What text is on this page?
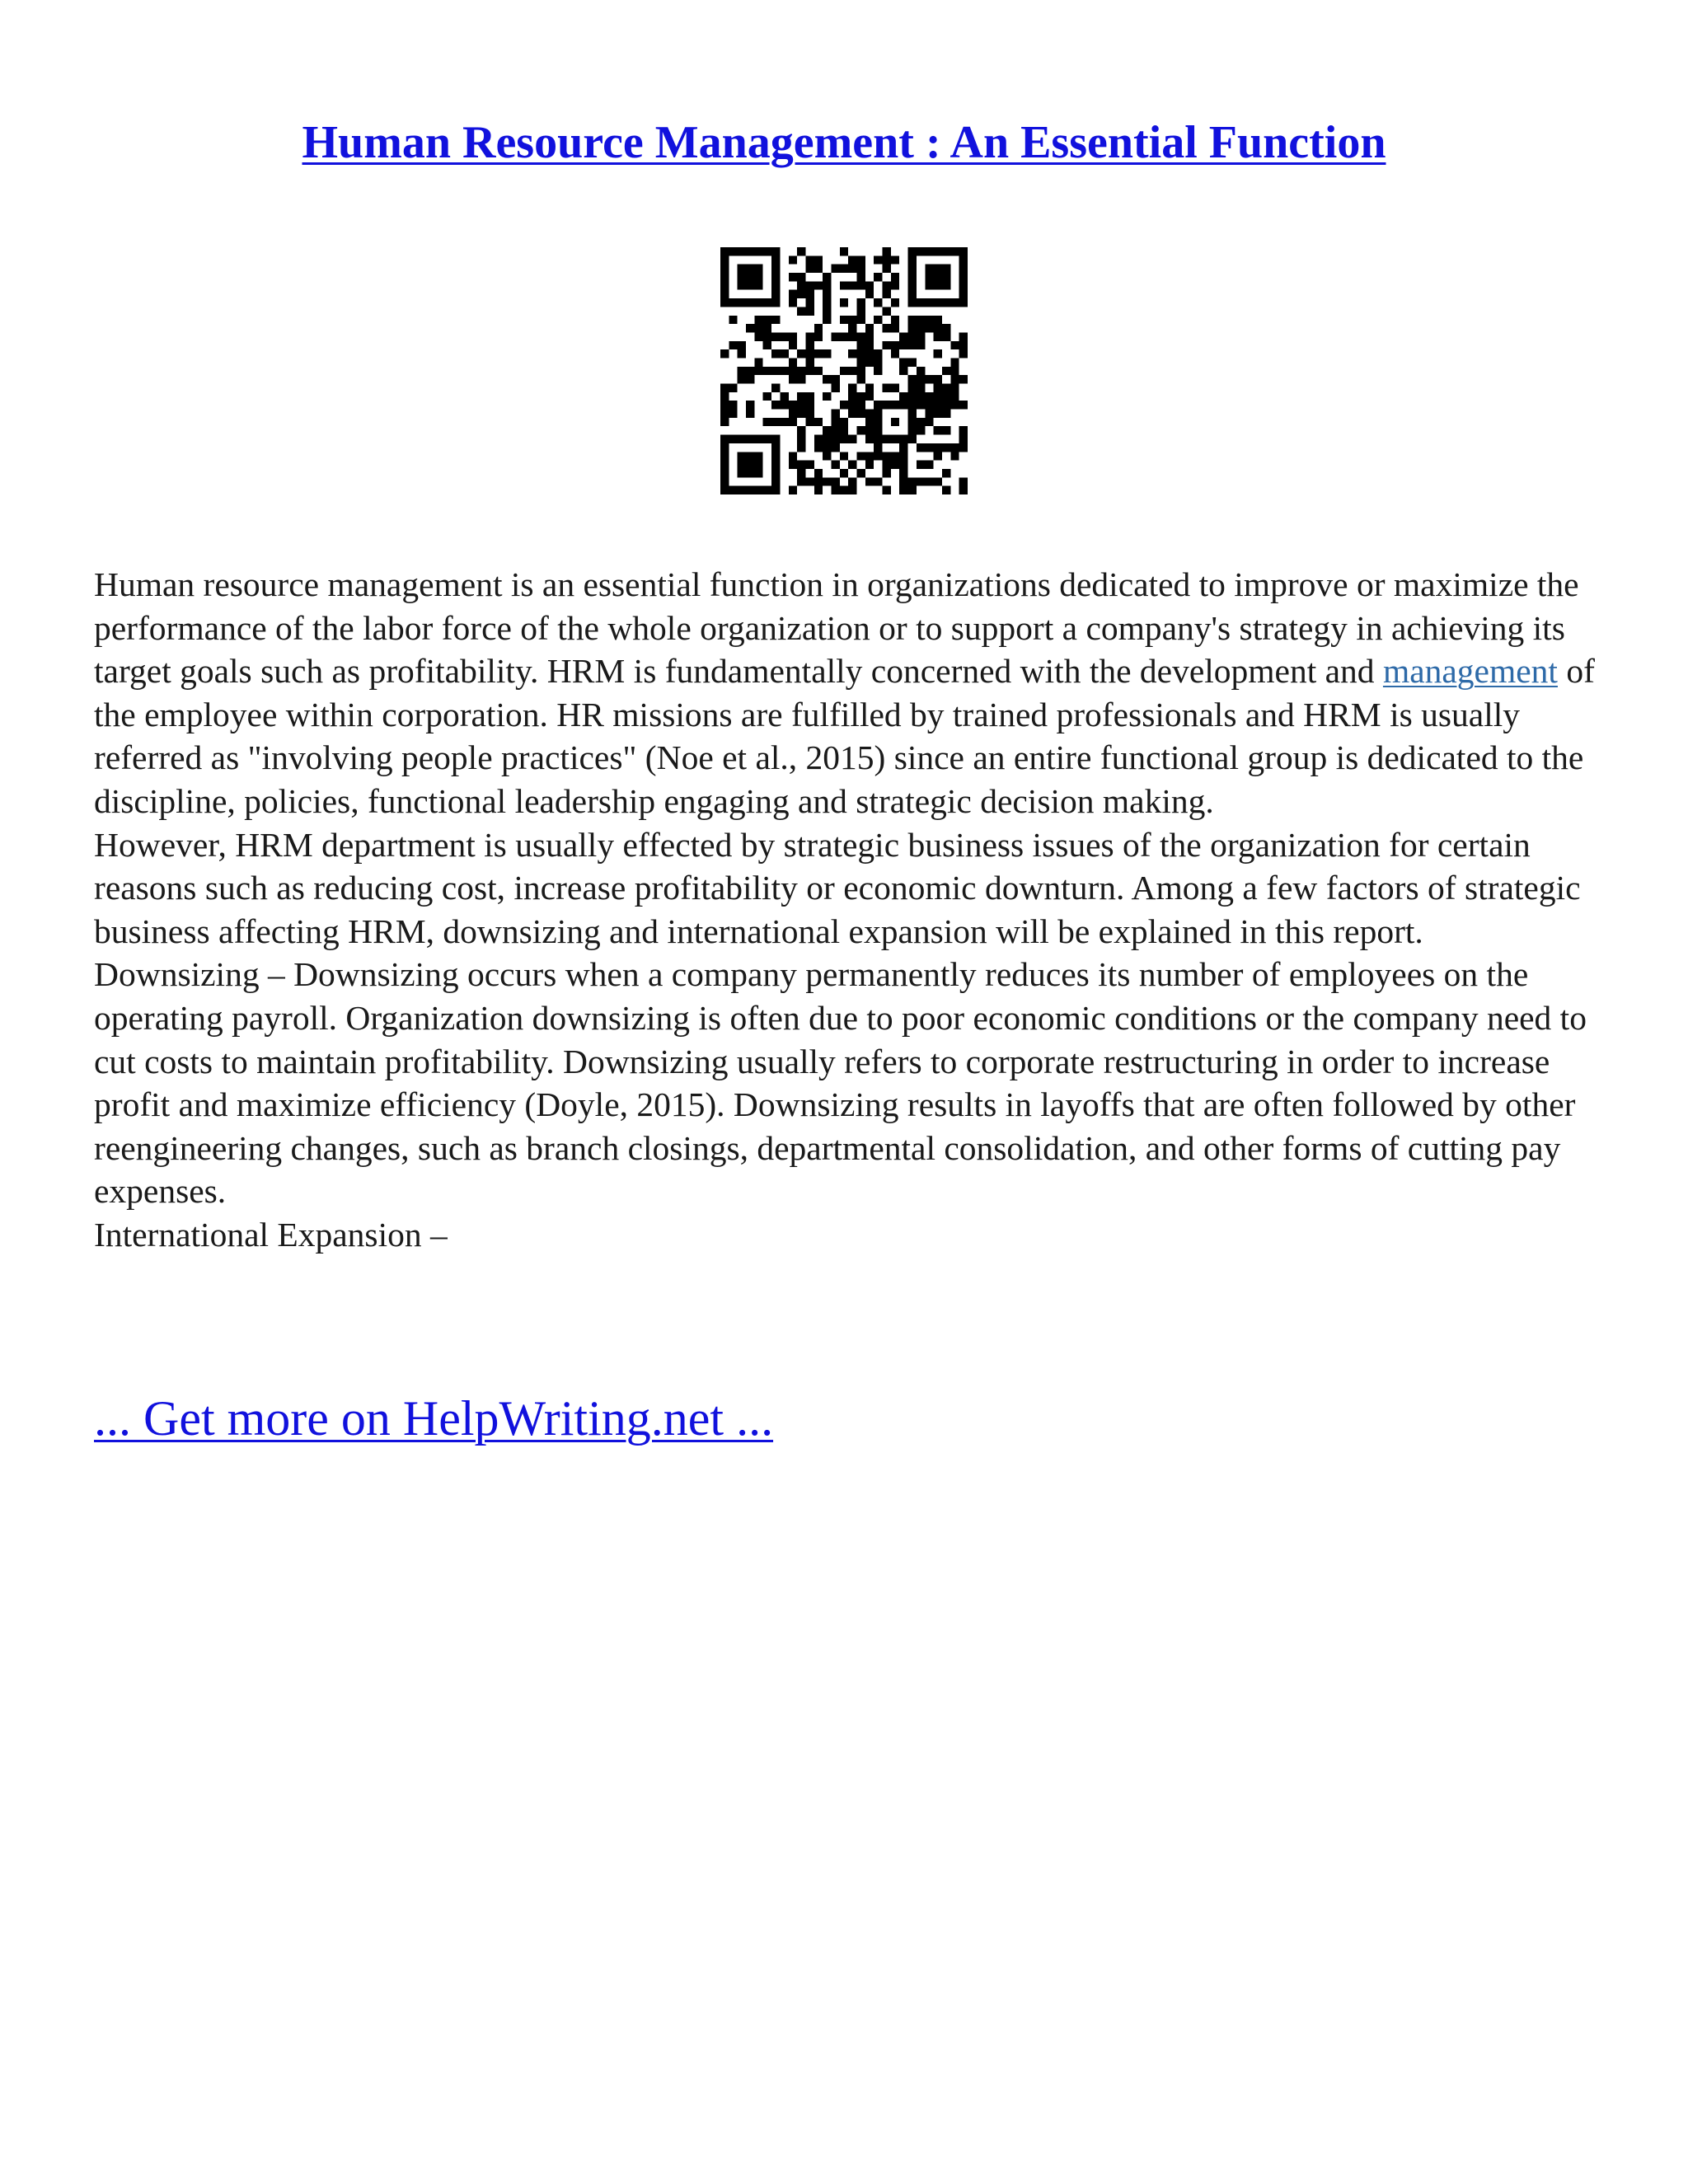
Human Resource Management : An Essential Function

Human resource management is an essential function in organizations dedicated to improve or maximize the performance of the labor force of the whole organization or to support a company's strategy in achieving its target goals such as profitability. HRM is fundamentally concerned with the development and management of the employee within corporation. HR missions are fulfilled by trained professionals and HRM is usually referred as "involving people practices" (Noe et al., 2015) since an entire functional group is dedicated to the discipline, policies, functional leadership engaging and strategic decision making.

However, HRM department is usually effected by strategic business issues of the organization for certain reasons such as reducing cost, increase profitability or economic downturn. Among a few factors of strategic business affecting HRM, downsizing and international expansion will be explained in this report.

Downsizing – Downsizing occurs when a company permanently reduces its number of employees on the operating payroll. Organization downsizing is often due to poor economic conditions or the company need to cut costs to maintain profitability. Downsizing usually refers to corporate restructuring in order to increase profit and maximize efficiency (Doyle, 2015). Downsizing results in layoffs that are often followed by other reengineering changes, such as branch closings, departmental consolidation, and other forms of cutting pay expenses.

International Expansion –

... Get more on HelpWriting.net ...
